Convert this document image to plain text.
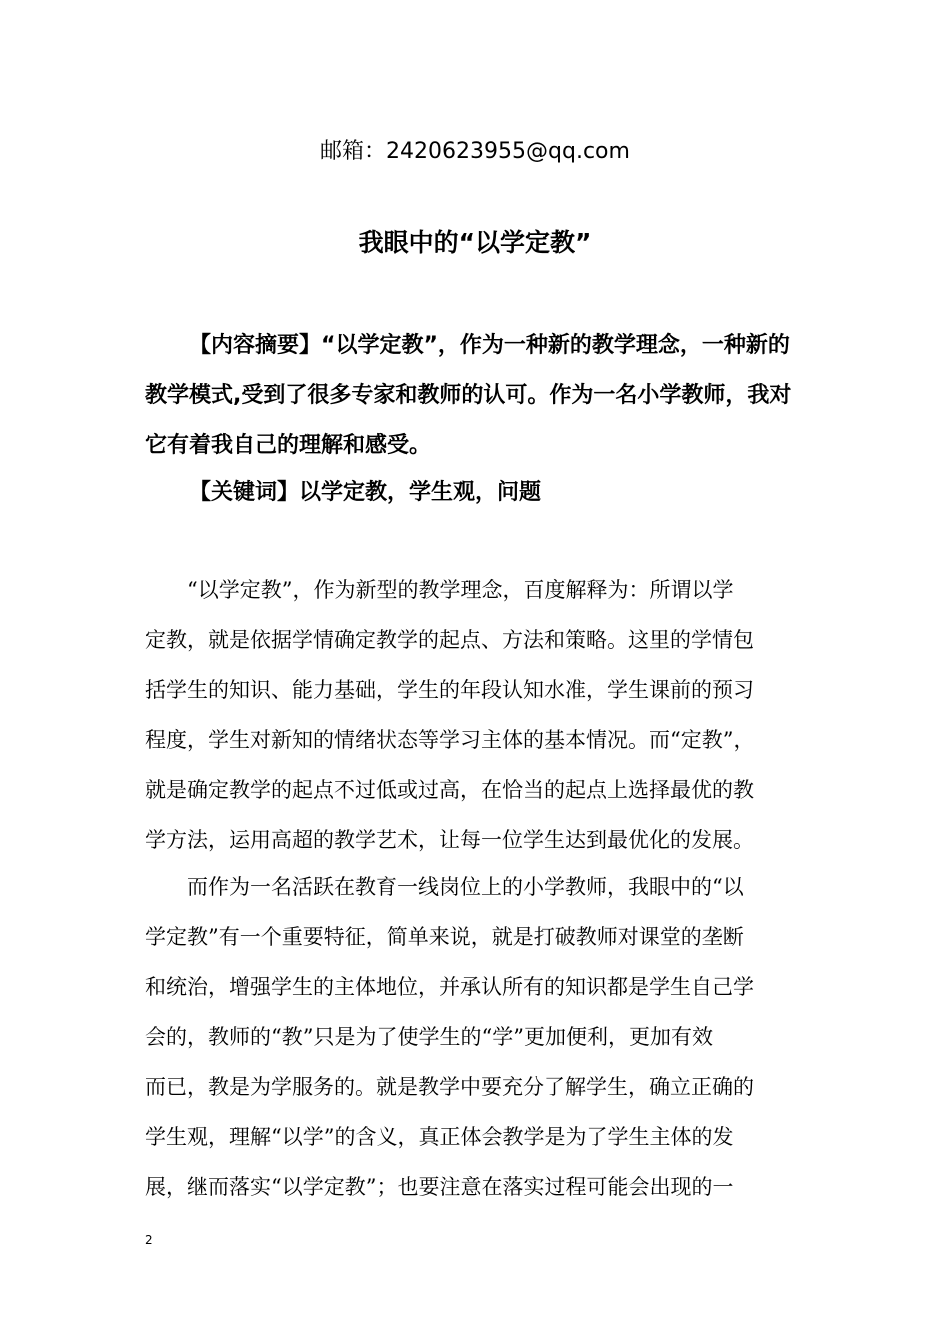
邮箱：2420623955@qq.com
我眼中的“以学定教”
【内容摘要】“以学定教”，作为一种新的教学理念，一种新的教学模式,受到了很多专家和教师的认可。作为一名小学教师，我对它有着我自己的理解和感受。
【关键词】以学定教，学生观，问题
“以学定教”，作为新型的教学理念，百度解释为：所谓以学
定教，就是依据学情确定教学的起点、方法和策略。这里的学情包
括学生的知识、能力基础，学生的年段认知水准，学生课前的预习
程度，学生对新知的情绪状态等学习主体的基本情况。而“定教”，
就是确定教学的起点不过低或过高，在恰当的起点上选择最优的教
学方法，运用高超的教学艺术，让每一位学生达到最优化的发展。
而作为一名活跃在教育一线岗位上的小学教师，我眼中的“以
学定教”有一个重要特征，简单来说，就是打破教师对课堂的垄断
和统治，增强学生的主体地位，并承认所有的知识都是学生自己学
会的，教师的“教”只是为了使学生的“学”更加便利，更加有效
而已，教是为学服务的。就是教学中要充分了解学生，确立正确的
学生观，理解“以学”的含义，真正体会教学是为了学生主体的发
展，继而落实“以学定教”；也要注意在落实过程可能会出现的一
2
